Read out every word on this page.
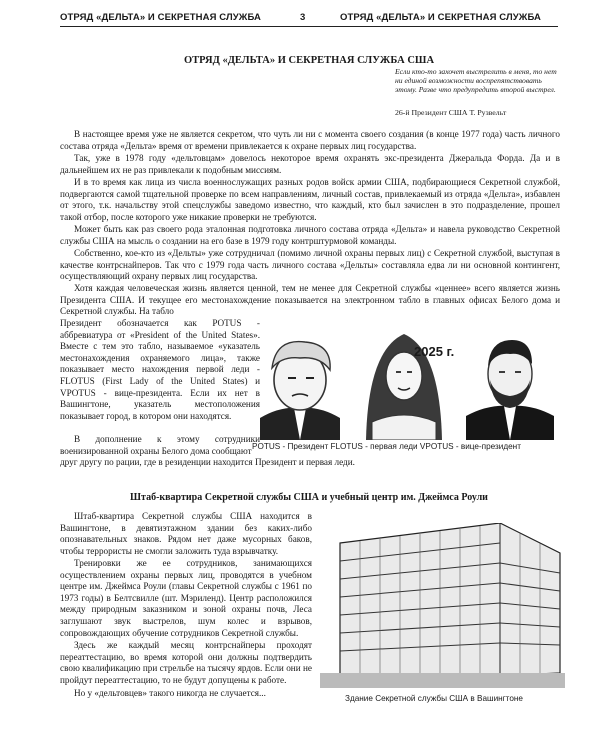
ОТРЯД «ДЕЛЬТА» И СЕКРЕТНАЯ СЛУЖБА	3	ОТРЯД «ДЕЛЬТА» И СЕКРЕТНАЯ СЛУЖБА
ОТРЯД «ДЕЛЬТА» И СЕКРЕТНАЯ СЛУЖБА США
Если кто-то захочет выстрелить в меня, то нет ни единой возможности воспрепятствовать этому. Разве что предупредить второй выстрел.
26-й Президент США Т. Рузвельт

В настоящее время уже не является секретом, что чуть ли ни с момента своего создания (в конце 1977 года) часть личного состава отряда «Дельта» время от времени привлекается к охране первых лиц государства.

Так, уже в 1978 году «дельтовцам» довелось некоторое время охранять экс-президента Джеральда Форда. Да и в дальнейшем их не раз привлекали к подобным миссиям.

И в то время как лица из числа военнослужащих разных родов войск армии США, подбирающиеся Секретной службой, подвергаются самой тщательной проверке по всем направлениям, личный состав, привлекаемый из отряда «Дельта», избавлен от этого, т.к. начальству этой спецслужбы заведомо известно, что каждый, кто был зачислен в это подразделение, прошел такой отбор, после которого уже никакие проверки не требуются.

Может быть как раз своего рода эталонная подготовка личного состава отряда «Дельта» и навела руководство Секретной службы США на мысль о создании на его базе в 1979 году контрштурмовой команды.

Собственно, кое-кто из «Дельты» уже сотрудничал (помимо личной охраны первых лиц) с Секретной службой, выступая в качестве контрснайперов. Так что с 1979 года часть личного состава «Дельты» составляла едва ли ни основной контингент, осуществляющий охрану первых лиц государства.

Хотя каждая человеческая жизнь является ценной, тем не менее для Секретной службы «ценнее» всего является жизнь Президента США. И текущее его местонахождение показывается на электронном табло в главных офисах Белого дома и Секретной службы. На табло

Президент обозначается как POTUS - аббревиатура от «President of the United States». Вместе с тем это табло, называемое «указатель местонахождения охраняемого лица», также показывает место нахождения первой леди - FLOTUS (First Lady of the United States) и VPOTUS - вице-президента. Если их нет в Вашингтоне, указатель местоположения показывает город, в котором они находятся.

В дополнение к этому сотрудники военизированной охраны Белого дома сообщают

друг другу по рации, где в резиденции находится Президент и первая леди.

2025 г.
POTUS - Президент FLOTUS - первая леди VPOTUS - вице-президент
Штаб-квартира Секретной службы США и учебный центр им. Джеймса Роули

Штаб-квартира Секретной службы США находится в Вашингтоне, в девятиэтажном здании без каких-либо опознавательных знаков. Рядом нет даже мусорных баков, чтобы террористы не смогли заложить туда взрывчатку.

Тренировки же ее сотрудников, занимающихся осуществлением охраны первых лиц, проводятся в учебном центре им. Джеймса Роули (главы Секретной службы с 1961 по 1973 годы) в Белтсвилле (шт. Мэриленд). Центр расположился между природным заказником и зоной охраны почв, Леса заглушают звук выстрелов, шум колес и взрывов, сопровождающих обучение сотрудников Секретной службы.

Здесь же каждый месяц контрснайперы проходят переаттестацию, во время которой они должны подтвердить свою квалификацию при стрельбе на тысячу ярдов. Если они не пройдут переаттестацию, то не будут допущены к работе.

Но у «дельтовцев» такого никогда не случается...

Здание Секретной службы США в Вашингтоне
